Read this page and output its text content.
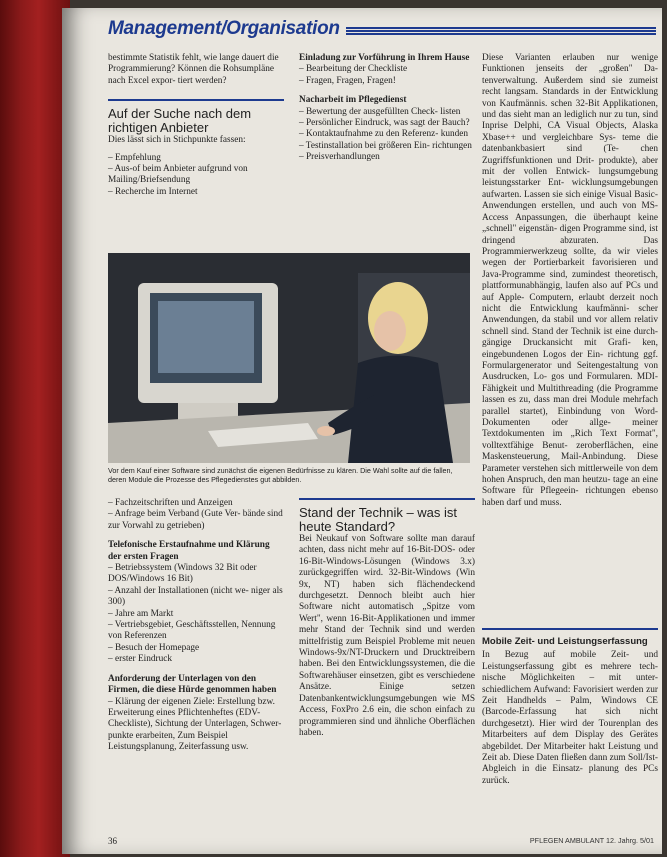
Management/Organisation

bestimmte Statistik fehlt, wie lange dauert die Programmierung? Können die Rohsumpläne nach Excel expor- tiert werden?

Auf der Suche nach dem richtigen Anbieter

Dies lässt sich in Stichpunkte fassen:

– Empfehlung

– Aus-of beim Anbieter aufgrund von Mailing/Briefsendung

– Recherche im Internet

Einladung zur Vorführung in Ihrem Hause

– Bearbeitung der Checkliste

– Fragen, Fragen, Fragen!

Nacharbeit im Pflegedienst

– Bewertung der ausgefüllten Check- listen

– Persönlicher Eindruck, was sagt der Bauch?

– Kontaktaufnahme zu den Referenz- kunden

– Testinstallation bei größeren Ein- richtungen

– Preisverhandlungen

Diese Varianten erlauben nur wenige Funktionen jenseits der „großen" Da- tenverwaltung. Außerdem sind sie zumeist recht langsam. Standards in der Entwicklung von Kaufmännis. schen 32-Bit Applikationen, und das sieht man an lediglich nur zu tun, sind Inprise Delphi, CA Visual Objects, Alaska Xbase++ und vergleichbare Sys- teme die datenbankbasiert sind (Te- chen Zugriffsfunktionen und Drit- produkte), aber mit der vollen Entwick- lungsumgebung leistungsstarker Ent- wicklungsumgebungen aufwarten. Lassen sie sich einige Visual Basic- Anwendungen erstellen, und auch von MS-Access Anpassungen, die überhaupt keine „schnell" eigenstän- digen Programme sind, ist dringend abzuraten. Das Programmierwerkzeug sollte, da wir vieles wegen der Portierbarkeit favorisieren und Java-Programme sind, zumindest theoretisch, plattformunabhängig, laufen also auf PCs und auf Apple- Computern, erlaubt derzeit noch nicht die Entwicklung kaufmänni- scher Anwendungen, da stabil und vor allem relativ schnell sind. Stand der Technik ist eine durch- gängige Druckansicht mit Grafi- ken, eingebundenen Logos der Ein- richtung ggf. Formulargenerator und Seitengestaltung von Ausdrucken, Lo- gos und Formularen. MDI-Fähigkeit und Multithreading (die Programme lassen es zu, dass man drei Module mehrfach parallel startet), Einbindung von Word-Dokumenten oder allge- meiner Textdokumenten im „Rich Text Format", volltextfähige Benut- zeroberflächen, eine Maskensteuerung, Mail-Anbindung. Diese Parameter verstehen sich mittlerweile von dem hohen Anspruch, den man heutzu- tage an eine Software für Pflegeein- richtungen ebenso haben darf und muss.

Vor dem Kauf einer Software sind zunächst die eigenen Bedürfnisse zu klären. Die Wahl sollte auf die fallen, deren Module die Prozesse des Pflegedienstes gut abbilden.

– Fachzeitschriften und Anzeigen

– Anfrage beim Verband (Gute Ver- bände sind zur Vorwahl zu getrieben)

Telefonische Erstaufnahme und Klärung der ersten Fragen

– Betriebssystem (Windows 32 Bit oder DOS/Windows 16 Bit)

– Anzahl der Installationen (nicht we- niger als 300)

– Jahre am Markt

– Vertriebsgebiet, Geschäftsstellen, Nennung von Referenzen

– Besuch der Homepage

– erster Eindruck

Anforderung der Unterlagen von den Firmen, die diese Hürde genommen haben

– Klärung der eigenen Ziele: Erstellung bzw. Erweiterung eines Pflichtenheftes (EDV-Checkliste), Sichtung der Unterlagen, Schwer- punkte erarbeiten, Zum Beispiel Leistungsplanung, Zeiterfassung usw.

Stand der Technik – was ist heute Standard?

Bei Neukauf von Software sollte man darauf achten, dass nicht mehr auf 16-Bit-DOS- oder 16-Bit-Windows-Lösungen (Windows 3.x) zurückgegriffen wird. 32-Bit-Windows (Win 9x, NT) haben sich flächendeckend durchgesetzt. Dennoch bleibt auch hier Software nicht automatisch „Spitze vom Wert", wenn 16-Bit-Applikationen und immer mehr Stand der Technik sind und werden mittelfristig zum Beispiel Probleme mit neuen Windows-9x/NT-Druckern und Drucktreibern haben. Bei den Entwicklungssystemen, die die Softwarehäuser einsetzen, gibt es verschiedene Ansätze. Einige setzen Datenbankentwicklungsumgebungen wie MS Access, FoxPro 2.6 ein, die schon einfach zu programmieren sind und ähnliche Oberflächen haben.

Mobile Zeit- und Leistungserfassung

In Bezug auf mobile Zeit- und Leistungserfassung gibt es mehrere tech- nische Möglichkeiten – mit unter- schiedlichem Aufwand: Favorisiert werden zur Zeit Handhelds – Palm, Windows CE (Barcode-Erfassung hat sich nicht durchgesetzt). Hier wird der Tourenplan des Mitarbeiters auf dem Display des Gerätes abgebildet. Der Mitarbeiter hakt Leistung und Zeit ab. Diese Daten fließen dann zum Soll/Ist-Abgleich in die Einsatz- planung des PCs zurück.

36	PFLEGEN AMBULANT 12. Jahrg. 5/01
